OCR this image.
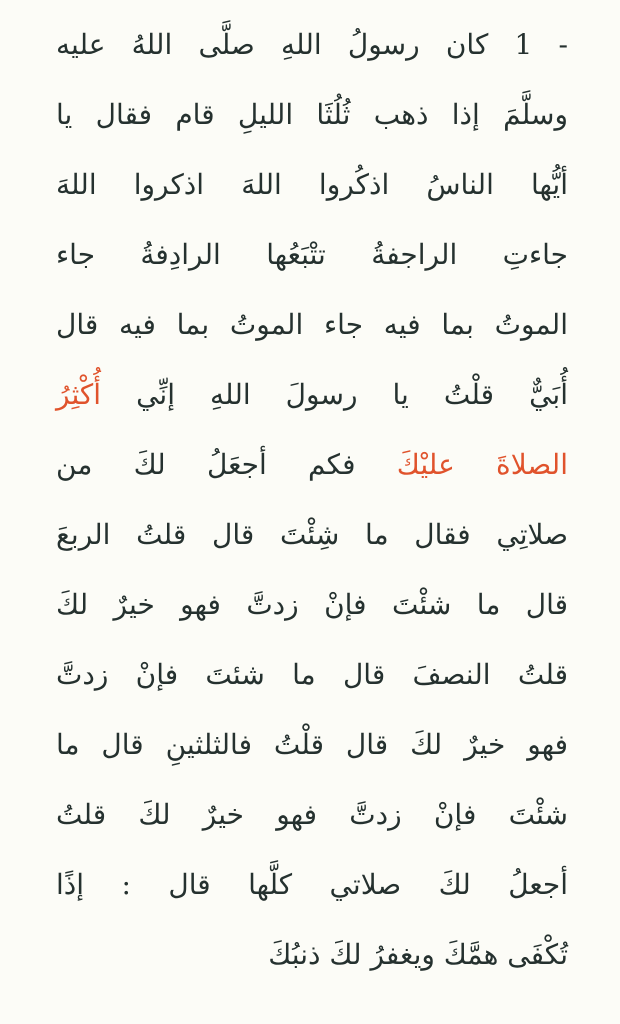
1 - كان رسولُ اللهِ صلَّى اللهُ عليه
وسلَّمَ إذا ذهب ثُلُثَا الليلِ قام فقال يا
أيُّها الناسُ اذكُروا اللهَ اذكروا اللهَ
جاءتِ الراجفةُ تتْبَعُها الرادِفةُ جاء
الموتُ بما فيه جاء الموتُ بما فيه قال
أُبَيٌّ قلْتُ يا رسولَ اللهِ إنِّي أُكْثِرُ
الصلاةَ عليْكَ فكم أجعَلُ لكَ من
صلاتِي فقال ما شِئْتَ قال قلتُ الربعَ
قال ما شئْتَ فإنْ زدتَّ فهو خيرٌ لكَ
قلتُ النصفَ قال ما شئتَ فإنْ زدتَّ
فهو خيرٌ لكَ قال قلْتُ فالثلثينِ قال ما
شئْتَ فإنْ زدتَّ فهو خيرٌ لكَ قلتُ
أجعلُ لكَ صلاتي كلَّها قال : إذًا
تُكْفَى همَّكَ ويغفرُ لكَ ذنبُكَ
